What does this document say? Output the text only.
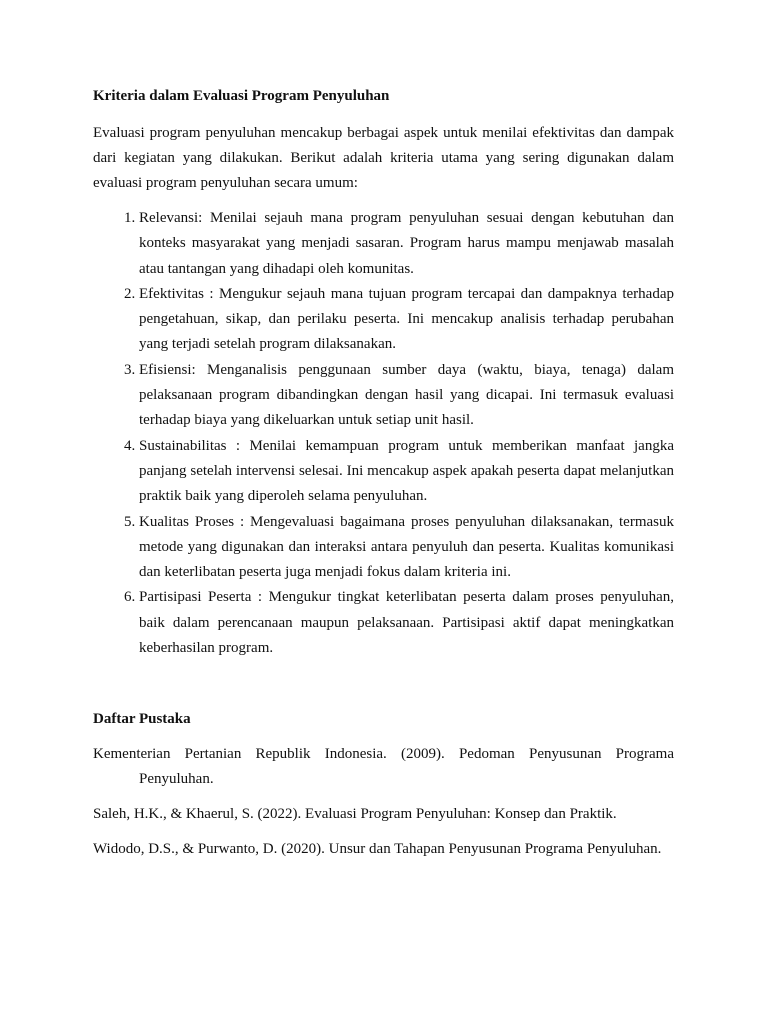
Kriteria dalam Evaluasi Program Penyuluhan

Evaluasi program penyuluhan mencakup berbagai aspek untuk menilai efektivitas dan dampak dari kegiatan yang dilakukan. Berikut adalah kriteria utama yang sering digunakan dalam evaluasi program penyuluhan secara umum:

1. Relevansi: Menilai sejauh mana program penyuluhan sesuai dengan kebutuhan dan konteks masyarakat yang menjadi sasaran. Program harus mampu menjawab masalah atau tantangan yang dihadapi oleh komunitas.
2. Efektivitas : Mengukur sejauh mana tujuan program tercapai dan dampaknya terhadap pengetahuan, sikap, dan perilaku peserta. Ini mencakup analisis terhadap perubahan yang terjadi setelah program dilaksanakan.
3. Efisiensi: Menganalisis penggunaan sumber daya (waktu, biaya, tenaga) dalam pelaksanaan program dibandingkan dengan hasil yang dicapai. Ini termasuk evaluasi terhadap biaya yang dikeluarkan untuk setiap unit hasil.
4. Sustainabilitas : Menilai kemampuan program untuk memberikan manfaat jangka panjang setelah intervensi selesai. Ini mencakup aspek apakah peserta dapat melanjutkan praktik baik yang diperoleh selama penyuluhan.
5. Kualitas Proses : Mengevaluasi bagaimana proses penyuluhan dilaksanakan, termasuk metode yang digunakan dan interaksi antara penyuluh dan peserta. Kualitas komunikasi dan keterlibatan peserta juga menjadi fokus dalam kriteria ini.
6. Partisipasi Peserta : Mengukur tingkat keterlibatan peserta dalam proses penyuluhan, baik dalam perencanaan maupun pelaksanaan. Partisipasi aktif dapat meningkatkan keberhasilan program.

Daftar Pustaka

Kementerian Pertanian Republik Indonesia. (2009). Pedoman Penyusunan Programa Penyuluhan.

Saleh, H.K., & Khaerul, S. (2022). Evaluasi Program Penyuluhan: Konsep dan Praktik.

Widodo, D.S., & Purwanto, D. (2020). Unsur dan Tahapan Penyusunan Programa Penyuluhan.
